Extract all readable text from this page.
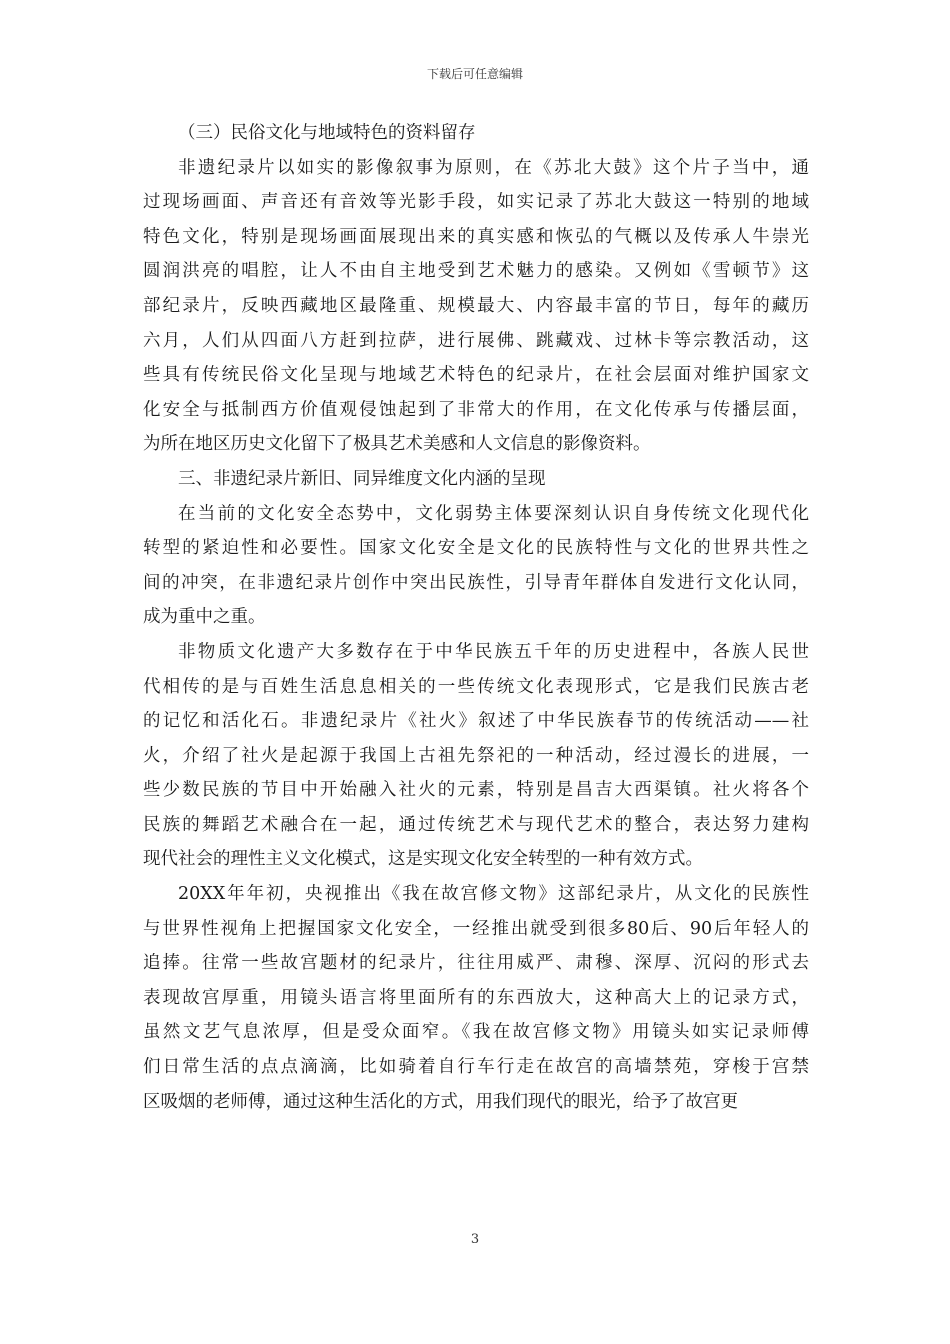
下载后可任意编辑

（三）民俗文化与地域特色的资料留存

非遗纪录片以如实的影像叙事为原则，在《苏北大鼓》这个片子当中，通
过现场画面、声音还有音效等光影手段，如实记录了苏北大鼓这一特别的地域
特色文化，特别是现场画面展现出来的真实感和恢弘的气概以及传承人牛崇光
圆润洪亮的唱腔，让人不由自主地受到艺术魅力的感染。又例如《雪顿节》这
部纪录片，反映西藏地区最隆重、规模最大、内容最丰富的节日，每年的藏历
六月，人们从四面八方赶到拉萨，进行展佛、跳藏戏、过林卡等宗教活动，这
些具有传统民俗文化呈现与地域艺术特色的纪录片，在社会层面对维护国家文
化安全与抵制西方价值观侵蚀起到了非常大的作用，在文化传承与传播层面，
为所在地区历史文化留下了极具艺术美感和人文信息的影像资料。

三、非遗纪录片新旧、同异维度文化内涵的呈现

在当前的文化安全态势中，文化弱势主体要深刻认识自身传统文化现代化
转型的紧迫性和必要性。国家文化安全是文化的民族特性与文化的世界共性之
间的冲突，在非遗纪录片创作中突出民族性，引导青年群体自发进行文化认同，
成为重中之重。

非物质文化遗产大多数存在于中华民族五千年的历史进程中，各族人民世
代相传的是与百姓生活息息相关的一些传统文化表现形式，它是我们民族古老
的记忆和活化石。非遗纪录片《社火》叙述了中华民族春节的传统活动——社
火，介绍了社火是起源于我国上古祖先祭祀的一种活动，经过漫长的进展，一
些少数民族的节目中开始融入社火的元素，特别是昌吉大西渠镇。社火将各个
民族的舞蹈艺术融合在一起，通过传统艺术与现代艺术的整合，表达努力建构
现代社会的理性主义文化模式，这是实现文化安全转型的一种有效方式。

20XX年年初，央视推出《我在故宫修文物》这部纪录片，从文化的民族性
与世界性视角上把握国家文化安全，一经推出就受到很多80后、90后年轻人的
追捧。往常一些故宫题材的纪录片，往往用威严、肃穆、深厚、沉闷的形式去
表现故宫厚重，用镜头语言将里面所有的东西放大，这种高大上的记录方式，
虽然文艺气息浓厚，但是受众面窄。《我在故宫修文物》用镜头如实记录师傅
们日常生活的点点滴滴，比如骑着自行车行走在故宫的高墙禁苑，穿梭于宫禁
区吸烟的老师傅，通过这种生活化的方式，用我们现代的眼光，给予了故宫更

3
